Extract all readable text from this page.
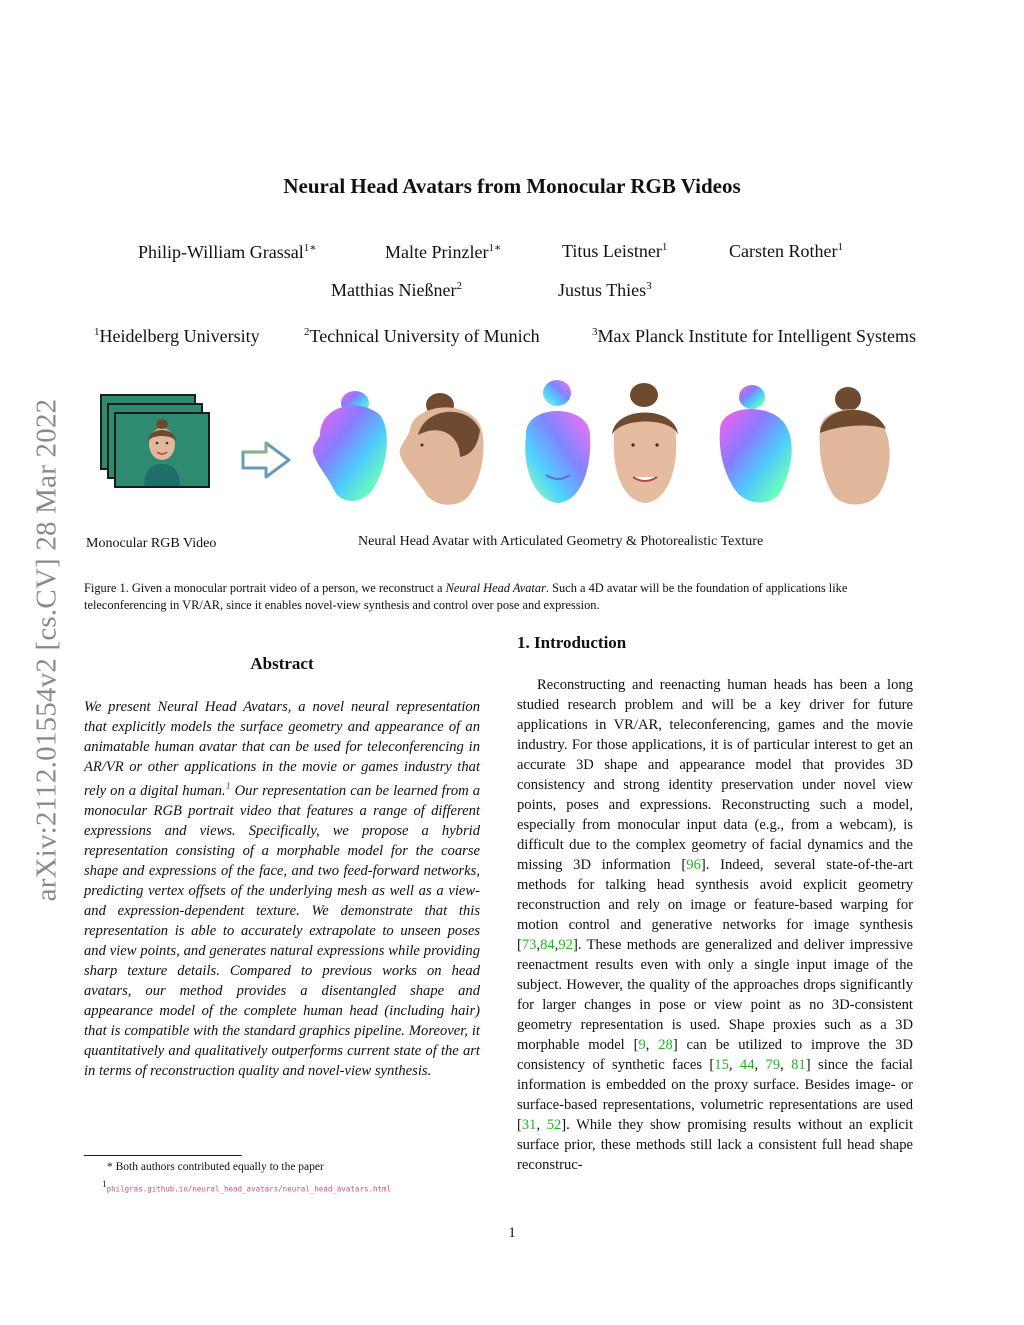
arXiv:2112.01554v2 [cs.CV] 28 Mar 2022
Neural Head Avatars from Monocular RGB Videos
Philip-William Grassal$^{1∗}$	Malte Prinzler$^{1∗}$	Titus Leistner$^1$	Carsten Rother$^1$
Matthias Nießner$^2$	Justus Thies$^3$
$^1$Heidelberg University	$^2$Technical University of Munich	$^3$Max Planck Institute for Intelligent Systems
Monocular RGB Video	Neural Head Avatar with Articulated Geometry & Photorealistic Texture
Figure 1. Given a monocular portrait video of a person, we reconstruct a Neural Head Avatar. Such a 4D avatar will be the foundation of applications like teleconferencing in VR/AR, since it enables novel-view synthesis and control over pose and expression.
Abstract
We present Neural Head Avatars, a novel neural representation that explicitly models the surface geometry and appearance of an animatable human avatar that can be used for teleconferencing in AR/VR or other applications in the movie or games industry that rely on a digital human.$^1$ Our representation can be learned from a monocular RGB portrait video that features a range of different expressions and views. Specifically, we propose a hybrid representation consisting of a morphable model for the coarse shape and expressions of the face, and two feed-forward networks, predicting vertex offsets of the underlying mesh as well as a view- and expression-dependent texture. We demonstrate that this representation is able to accurately extrapolate to unseen poses and view points, and generates natural expressions while providing sharp texture details. Compared to previous works on head avatars, our method provides a disentangled shape and appearance model of the complete human head (including hair) that is compatible with the standard graphics pipeline. Moreover, it quantitatively and qualitatively outperforms current state of the art in terms of reconstruction quality and novel-view synthesis.
1. Introduction
Reconstructing and reenacting human heads has been a long studied research problem and will be a key driver for future applications in VR/AR, teleconferencing, games and the movie industry. For those applications, it is of particular interest to get an accurate 3D shape and appearance model that provides 3D consistency and strong identity preservation under novel view points, poses and expressions. Reconstructing such a model, especially from monocular input data (e.g., from a webcam), is difficult due to the complex geometry of facial dynamics and the missing 3D information [96]. Indeed, several state-of-the-art methods for talking head synthesis avoid explicit geometry reconstruction and rely on image or feature-based warping for motion control and generative networks for image synthesis [73,84,92]. These methods are generalized and deliver impressive reenactment results even with only a single input image of the subject. However, the quality of the approaches drops significantly for larger changes in pose or view point as no 3D-consistent geometry representation is used. Shape proxies such as a 3D morphable model [9, 28] can be utilized to improve the 3D consistency of synthetic faces [15, 44, 79, 81] since the facial information is embedded on the proxy surface. Besides image- or surface-based representations, volumetric representations are used [31, 52]. While they show promising results without an explicit surface prior, these methods still lack a consistent full head shape reconstruc-
* Both authors contributed equally to the paper
$^1$philgras.github.io/neural_head_avatars/neural_head_avatars.html
1
